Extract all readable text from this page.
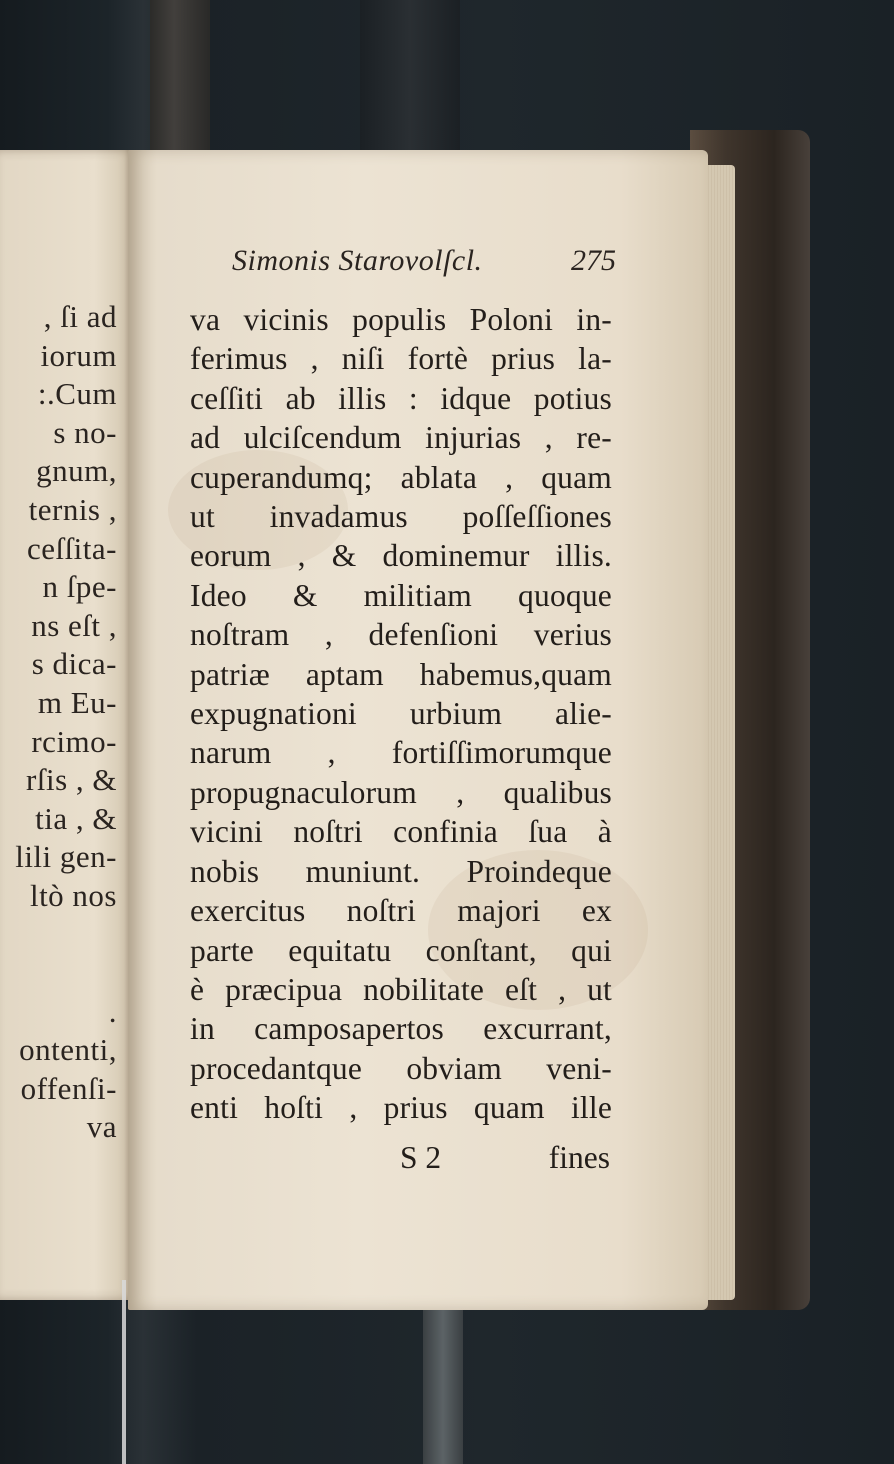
, ſi ad
iorum
:.Cum
s no-
gnum,
ternis ,
ceſſita-
n ſpe-
ns eſt ,
s dica-
m Eu-
rcimo-
rſis , &
tia , &
lili gen-
ltò nos

.
ontenti,
offenſi-
va
Simonis Starovolſcl.	275
va vicinis populis Poloni in-
ferimus , niſi fortè prius la-
ceſſiti ab illis : idque potius
ad ulciſcendum injurias , re-
cuperandumq; ablata , quam
ut invadamus poſſeſſiones
eorum , & dominemur illis.
Ideo & militiam quoque
noſtram , defenſioni verius
patriæ aptam habemus,quam
expugnationi urbium alie-
narum , fortiſſimorumque
propugnaculorum , qualibus
vicini noſtri confinia ſua à
nobis muniunt. Proindeque
exercitus noſtri majori ex
parte equitatu conſtant, qui
è præcipua nobilitate eſt , ut
in camposapertos excurrant,
procedantque obviam veni-
enti hoſti , prius quam ille
S 2	fines
